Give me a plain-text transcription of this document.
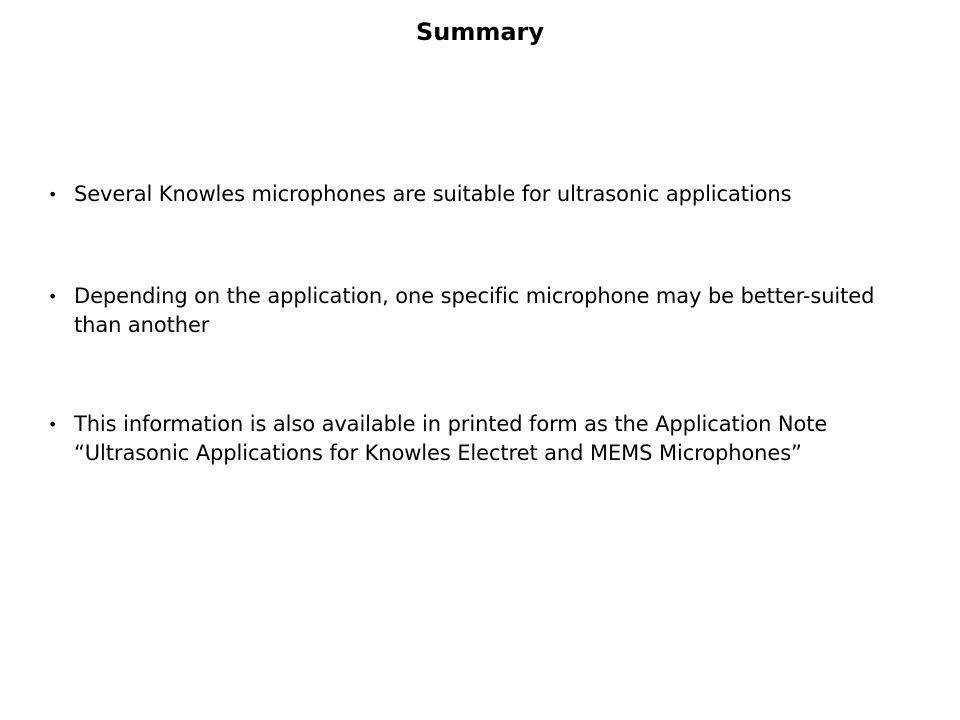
Summary
• Several Knowles microphones are suitable for ultrasonic applications
• Depending on the application, one specific microphone may be better-suited than another
• This information is also available in printed form as the Application Note “Ultrasonic Applications for Knowles Electret and MEMS Microphones”
